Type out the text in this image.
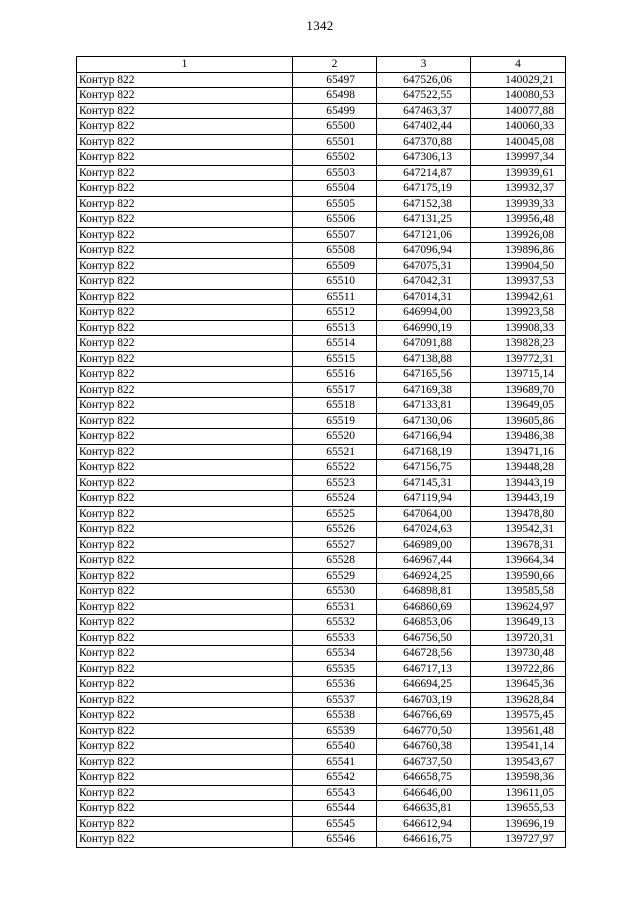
1342
1	2	3	4
Контур 822	65497	647526,06	140029,21
Контур 822	65498	647522,55	140080,53
Контур 822	65499	647463,37	140077,88
Контур 822	65500	647402,44	140060,33
Контур 822	65501	647370,88	140045,08
Контур 822	65502	647306,13	139997,34
Контур 822	65503	647214,87	139939,61
Контур 822	65504	647175,19	139932,37
Контур 822	65505	647152,38	139939,33
Контур 822	65506	647131,25	139956,48
Контур 822	65507	647121,06	139926,08
Контур 822	65508	647096,94	139896,86
Контур 822	65509	647075,31	139904,50
Контур 822	65510	647042,31	139937,53
Контур 822	65511	647014,31	139942,61
Контур 822	65512	646994,00	139923,58
Контур 822	65513	646990,19	139908,33
Контур 822	65514	647091,88	139828,23
Контур 822	65515	647138,88	139772,31
Контур 822	65516	647165,56	139715,14
Контур 822	65517	647169,38	139689,70
Контур 822	65518	647133,81	139649,05
Контур 822	65519	647130,06	139605,86
Контур 822	65520	647166,94	139486,38
Контур 822	65521	647168,19	139471,16
Контур 822	65522	647156,75	139448,28
Контур 822	65523	647145,31	139443,19
Контур 822	65524	647119,94	139443,19
Контур 822	65525	647064,00	139478,80
Контур 822	65526	647024,63	139542,31
Контур 822	65527	646989,00	139678,31
Контур 822	65528	646967,44	139664,34
Контур 822	65529	646924,25	139590,66
Контур 822	65530	646898,81	139585,58
Контур 822	65531	646860,69	139624,97
Контур 822	65532	646853,06	139649,13
Контур 822	65533	646756,50	139720,31
Контур 822	65534	646728,56	139730,48
Контур 822	65535	646717,13	139722,86
Контур 822	65536	646694,25	139645,36
Контур 822	65537	646703,19	139628,84
Контур 822	65538	646766,69	139575,45
Контур 822	65539	646770,50	139561,48
Контур 822	65540	646760,38	139541,14
Контур 822	65541	646737,50	139543,67
Контур 822	65542	646658,75	139598,36
Контур 822	65543	646646,00	139611,05
Контур 822	65544	646635,81	139655,53
Контур 822	65545	646612,94	139696,19
Контур 822	65546	646616,75	139727,97
